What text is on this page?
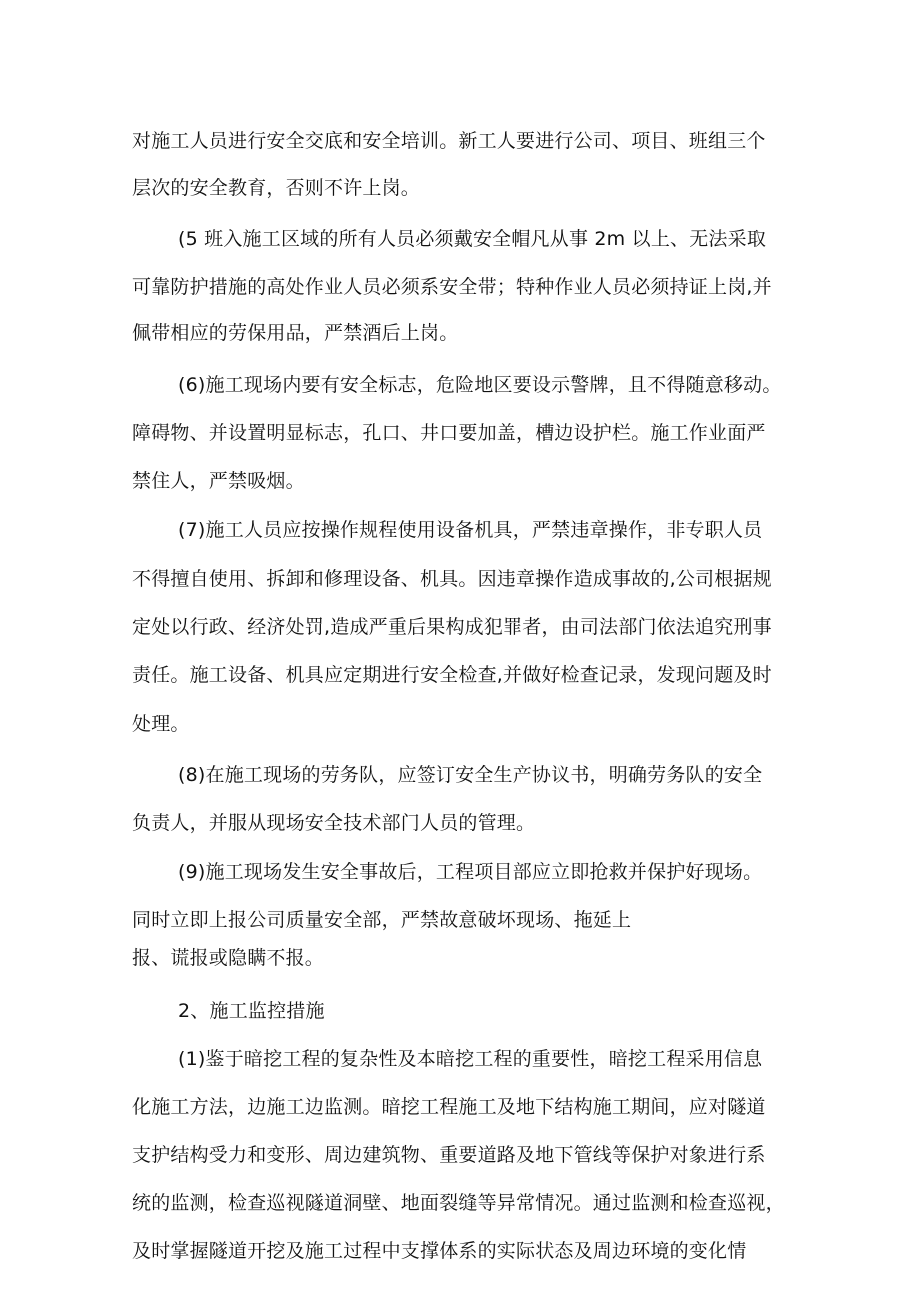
对施工人员进行安全交底和安全培训。新工人要进行公司、项目、班组三个
层次的安全教育，否则不许上岗。
(5 班入施工区域的所有人员必须戴安全帽凡从事 2m 以上、无法采取
可靠防护措施的高处作业人员必须系安全带；特种作业人员必须持证上岗,并
佩带相应的劳保用品，严禁酒后上岗。
(6)施工现场内要有安全标志，危险地区要设示警牌，且不得随意移动。
障碍物、并设置明显标志，孔口、井口要加盖，槽边设护栏。施工作业面严
禁住人，严禁吸烟。
(7)施工人员应按操作规程使用设备机具，严禁违章操作，非专职人员
不得擅自使用、拆卸和修理设备、机具。因违章操作造成事故的,公司根据规
定处以行政、经济处罚,造成严重后果构成犯罪者，由司法部门依法追究刑事
责任。施工设备、机具应定期进行安全检查,并做好检查记录，发现问题及时
处理。
(8)在施工现场的劳务队，应签订安全生产协议书，明确劳务队的安全
负责人，并服从现场安全技术部门人员的管理。
(9)施工现场发生安全事故后，工程项目部应立即抢救并保护好现场。
同时立即上报公司质量安全部，严禁故意破坏现场、拖延上
报、谎报或隐瞒不报。
2、施工监控措施
(1)鉴于暗挖工程的复杂性及本暗挖工程的重要性，暗挖工程采用信息
化施工方法，边施工边监测。暗挖工程施工及地下结构施工期间，应对隧道
支护结构受力和变形、周边建筑物、重要道路及地下管线等保护对象进行系
统的监测，检查巡视隧道洞壁、地面裂缝等异常情况。通过监测和检查巡视，
及时掌握隧道开挖及施工过程中支撑体系的实际状态及周边环境的变化情
